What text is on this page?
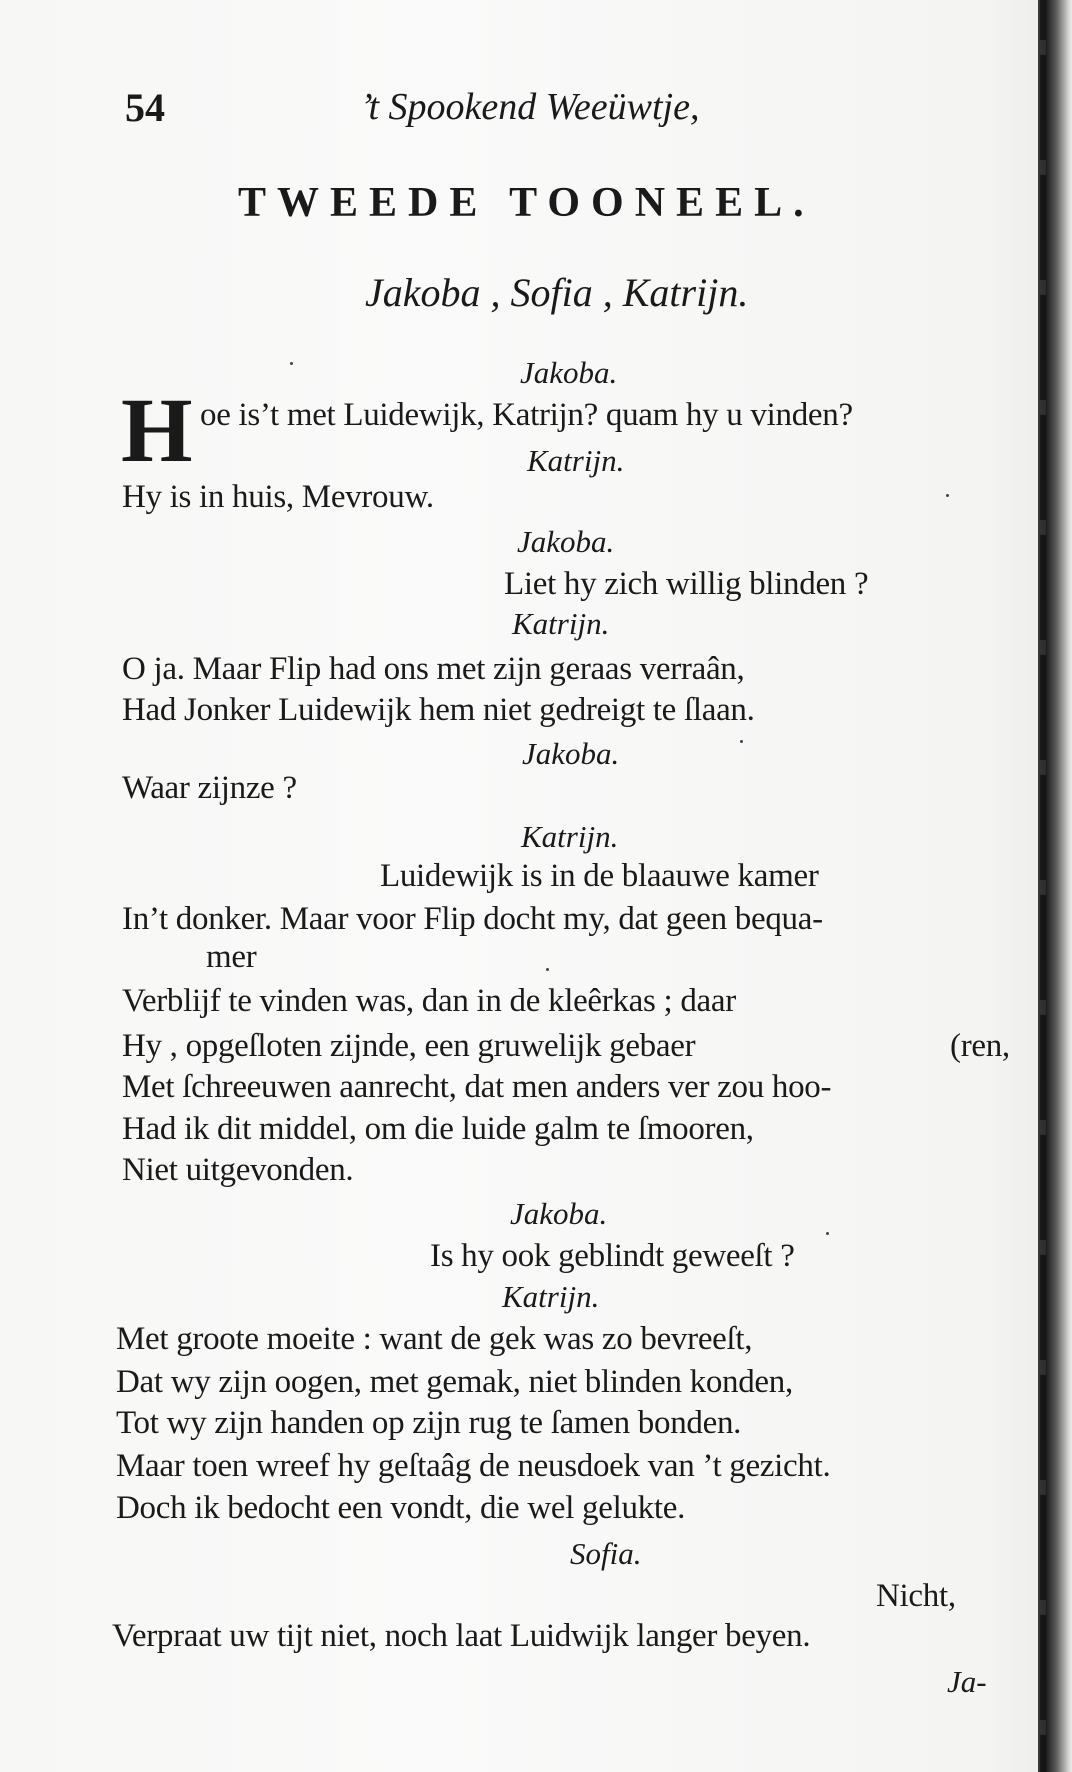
54	’t Spookend Weeüwtje,
TWEEDE TOONEEL.
Jakoba , Sofia , Katrijn.
Jakoba.
H oe is’t met Luidewijk, Katrijn? quam hy u vinden?
Katrijn.
Hy is in huis, Mevrouw.
Jakoba.
Liet hy zich willig blinden ?
Katrijn.
O ja. Maar Flip had ons met zijn geraas verraân,
Had Jonker Luidewijk hem niet gedreigt te ſlaan.
Jakoba.
Waar zijnze ?
Katrijn.
Luidewijk is in de blaauwe kamer
In’t donker. Maar voor Flip docht my, dat geen bequa-
mer
Verblijf te vinden was, dan in de kleêrkas ; daar
Hy , opgeſloten zijnde, een gruwelijk gebaer	(ren,
Met ſchreeuwen aanrecht, dat men anders ver zou hoo-
Had ik dit middel, om die luide galm te ſmooren,
Niet uitgevonden.
Jakoba.
Is hy ook geblindt geweeſt ?
Katrijn.
Met groote moeite : want de gek was zo bevreeſt,
Dat wy zijn oogen, met gemak, niet blinden konden,
Tot wy zijn handen op zijn rug te ſamen bonden.
Maar toen wreef hy geſtaâg de neusdoek van ’t gezicht.
Doch ik bedocht een vondt, die wel gelukte.
Sofia.
Nicht,
Verpraat uw tijt niet, noch laat Luidwijk langer beyen.
Ja-
